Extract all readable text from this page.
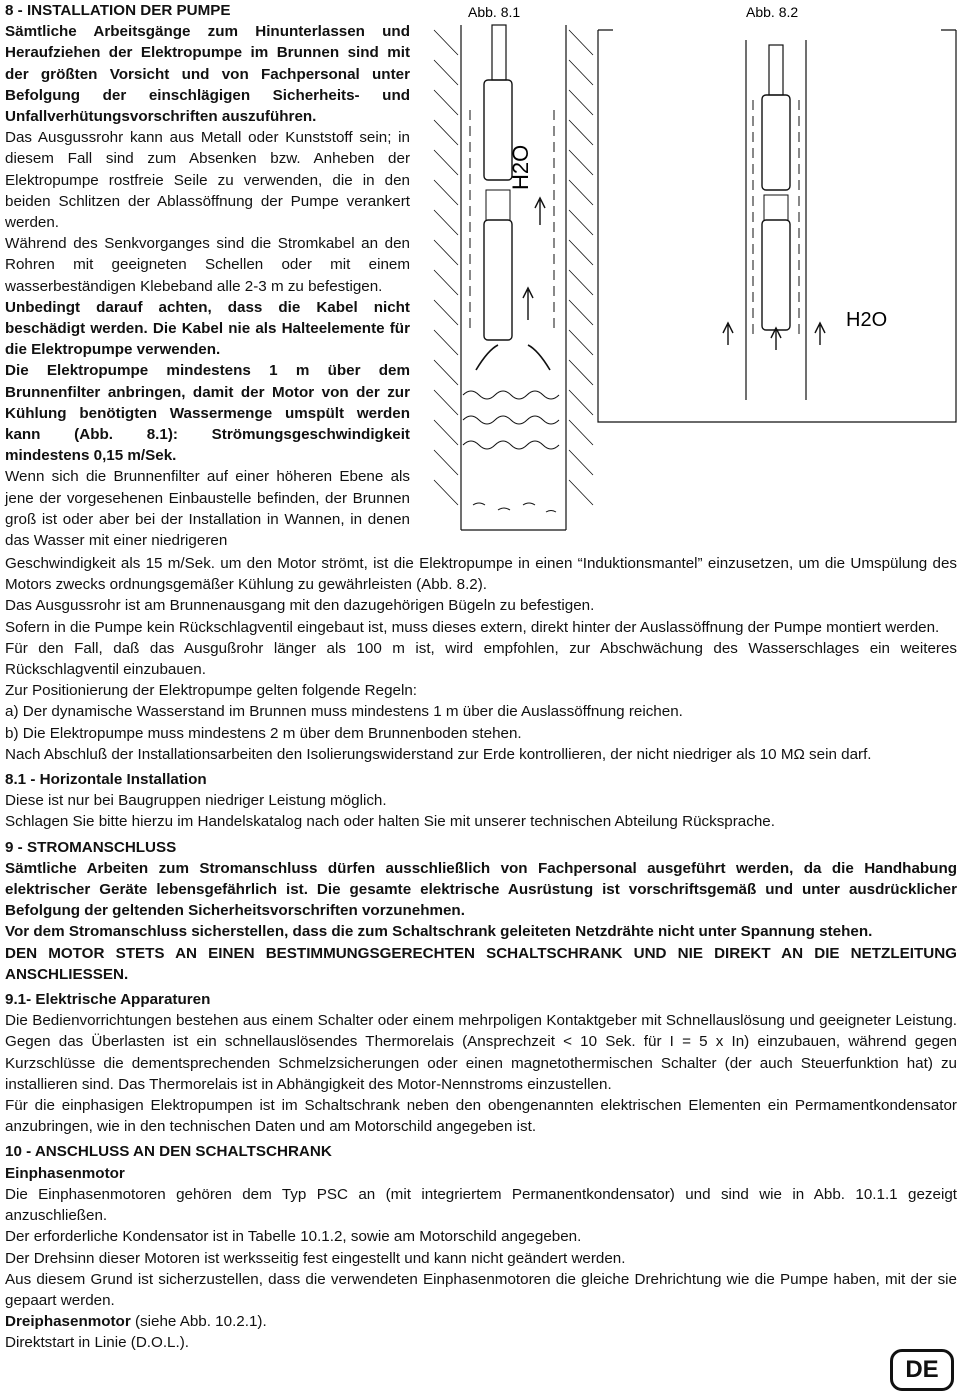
8 - INSTALLATION DER PUMPE

Sämtliche Arbeitsgänge zum Hinunterlassen und Heraufziehen der Elektropumpe im Brunnen sind mit der größten Vorsicht und von Fachpersonal unter Befolgung der einschlägigen Sicherheits- und Unfallverhütungsvorschriften auszuführen.

Das Ausgussrohr kann aus Metall oder Kunststoff sein; in diesem Fall sind zum Absenken bzw. Anheben der Elektropumpe rostfreie Seile zu verwenden, die in den beiden Schlitzen der Ablassöffnung der Pumpe verankert werden.

Während des Senkvorganges sind die Stromkabel an den Rohren mit geeigneten Schellen oder mit einem wasserbeständigen Klebeband alle 2-3 m zu befestigen.

Unbedingt darauf achten, dass die Kabel nicht beschädigt werden. Die Kabel nie als Halteelemente für die Elektropumpe verwenden.

Die Elektropumpe mindestens 1 m über dem Brunnenfilter anbringen, damit der Motor von der zur Kühlung benötigten Wassermenge umspült werden kann (Abb. 8.1): Strömungsgeschwindigkeit mindestens 0,15 m/Sek.

Wenn sich die Brunnenfilter auf einer höheren Ebene als jene der vorgesehenen Einbaustelle befinden, der Brunnen groß ist oder aber bei der Installation in Wannen, in denen das Wasser mit einer niedrigeren

Abb. 8.1
H2O
Abb. 8.2
H2O

Geschwindigkeit als 15 m/Sek. um den Motor strömt, ist die Elektropumpe in einen “Induktionsmantel” einzusetzen, um die Umspülung des Motors zwecks ordnungsgemäßer Kühlung zu gewährleisten (Abb. 8.2).

Das Ausgussrohr ist am Brunnenausgang mit den dazugehörigen Bügeln zu befestigen.

Sofern in die Pumpe kein Rückschlagventil eingebaut ist, muss dieses extern, direkt hinter der Auslassöffnung der Pumpe montiert werden.

Für den Fall, daß das Ausgußrohr länger als 100 m ist, wird empfohlen, zur Abschwächung des Wasserschlages ein weiteres Rückschlagventil einzubauen.

Zur Positionierung der Elektropumpe gelten folgende Regeln:

a) Der dynamische Wasserstand im Brunnen muss mindestens 1 m über die Auslassöffnung reichen.

b) Die Elektropumpe muss mindestens 2 m über dem Brunnenboden stehen.

Nach Abschluß der Installationsarbeiten den Isolierungswiderstand zur Erde kontrollieren, der nicht niedriger als 10 MΩ sein darf.

8.1 - Horizontale Installation

Diese ist nur bei Baugruppen niedriger Leistung möglich.

Schlagen Sie bitte hierzu im Handelskatalog nach oder halten Sie mit unserer technischen Abteilung Rücksprache.

9 - STROMANSCHLUSS

Sämtliche Arbeiten zum Stromanschluss dürfen ausschließlich von Fachpersonal ausgeführt werden, da die Handhabung elektrischer Geräte lebensgefährlich ist. Die gesamte elektrische Ausrüstung ist vorschriftsgemäß und unter ausdrücklicher Befolgung der geltenden Sicherheitsvorschriften vorzunehmen.

Vor dem Stromanschluss sicherstellen, dass die zum Schaltschrank geleiteten Netzdrähte nicht unter Spannung stehen.

DEN MOTOR STETS AN EINEN BESTIMMUNGSGERECHTEN SCHALTSCHRANK UND NIE DIREKT AN DIE NETZLEITUNG ANSCHLIESSEN.

9.1- Elektrische Apparaturen

Die Bedienvorrichtungen bestehen aus einem Schalter oder einem mehrpoligen Kontaktgeber mit Schnellauslösung und geeigneter Leistung. Gegen das Überlasten ist ein schnellauslösendes Thermorelais (Ansprechzeit < 10 Sek. für I = 5 x In) einzubauen, während gegen Kurzschlüsse die dementsprechenden Schmelzsicherungen oder einen magnetothermischen Schalter (der auch Steuerfunktion hat) zu installieren sind. Das Thermorelais ist in Abhängigkeit des Motor-Nennstroms einzustellen.

Für die einphasigen Elektropumpen ist im Schaltschrank neben den obengenannten elektrischen Elementen ein Permamentkondensator anzubringen, wie in den technischen Daten und am Motorschild angegeben ist.

10 - ANSCHLUSS AN DEN SCHALTSCHRANK

Einphasenmotor

Die Einphasenmotoren gehören dem Typ PSC an (mit integriertem Permanentkondensator) und sind wie in Abb. 10.1.1 gezeigt anzuschließen.

Der erforderliche Kondensator ist in Tabelle 10.1.2, sowie am Motorschild angegeben.

Der Drehsinn dieser Motoren ist werksseitig fest eingestellt und kann nicht geändert werden.

Aus diesem Grund ist sicherzustellen, dass die verwendeten Einphasenmotoren die gleiche Drehrichtung wie die Pumpe haben, mit der sie gepaart werden.

Dreiphasenmotor (siehe Abb. 10.2.1).

Direktstart in Linie (D.O.L.).

DE
